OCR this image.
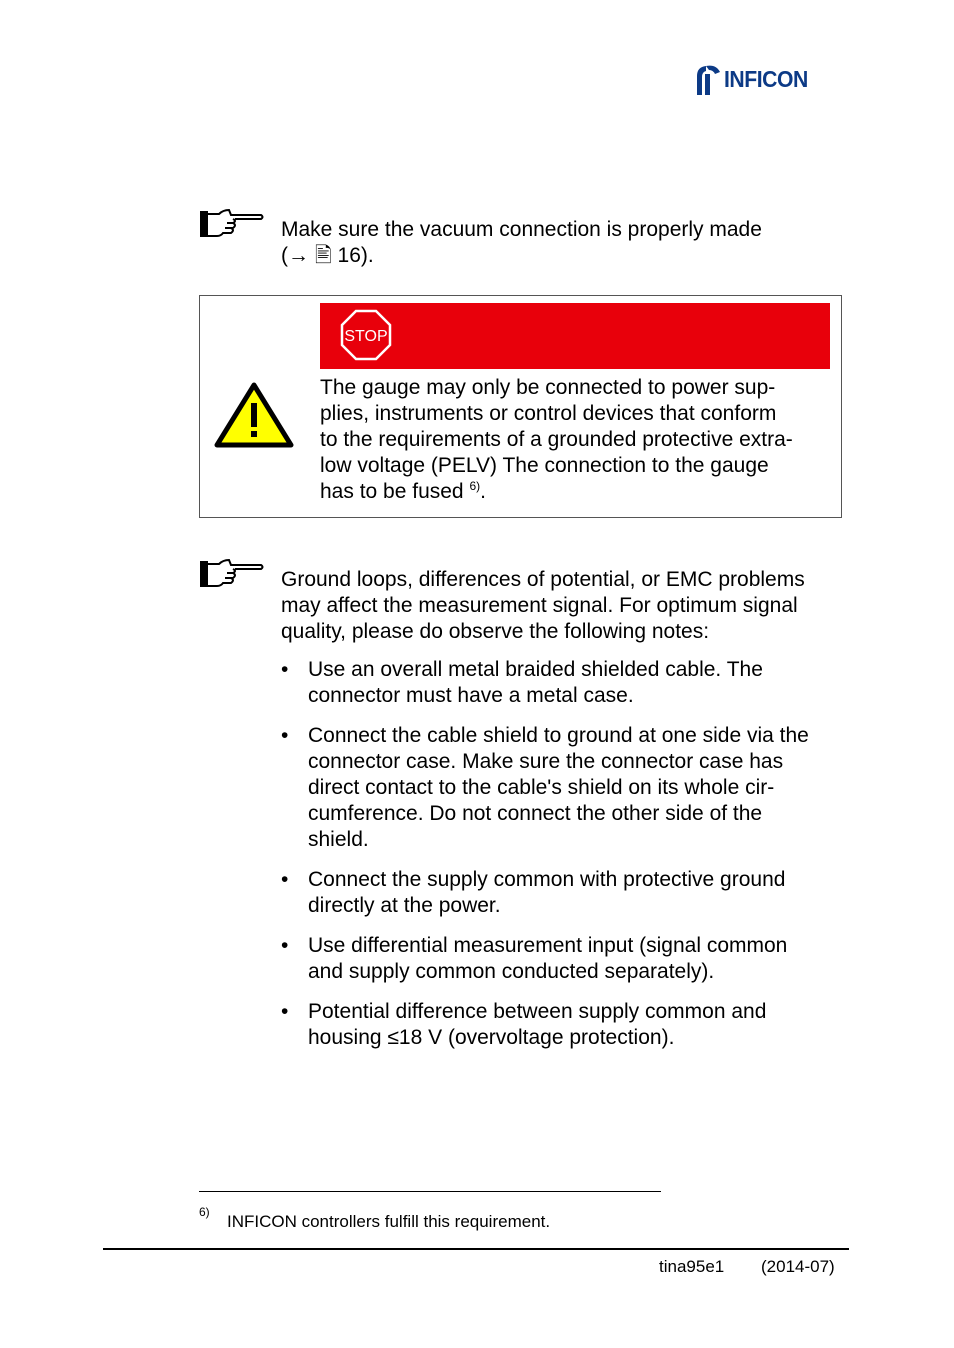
INFICON
Make sure the vacuum connection is properly made
(→ 🖹 16).
STOP
The gauge may only be connected to power sup-
plies, instruments or control devices that conform
to the requirements of a grounded protective extra-
low voltage (PELV) The connection to the gauge
has to be fused $^{6)}$.
Ground loops, differences of potential, or EMC problems
may affect the measurement signal. For optimum signal
quality, please do observe the following notes:
• Use an overall metal braided shielded cable. The
connector must have a metal case.
• Connect the cable shield to ground at one side via the
connector case. Make sure the connector case has
direct contact to the cable's shield on its whole cir-
cumference. Do not connect the other side of the
shield.
• Connect the supply common with protective ground
directly at the power.
• Use differential measurement input (signal common
and supply common conducted separately).
• Potential difference between supply common and
housing ≤18 V (overvoltage protection).
6) INFICON controllers fulfill this requirement.
tina95e1 (2014-07)
